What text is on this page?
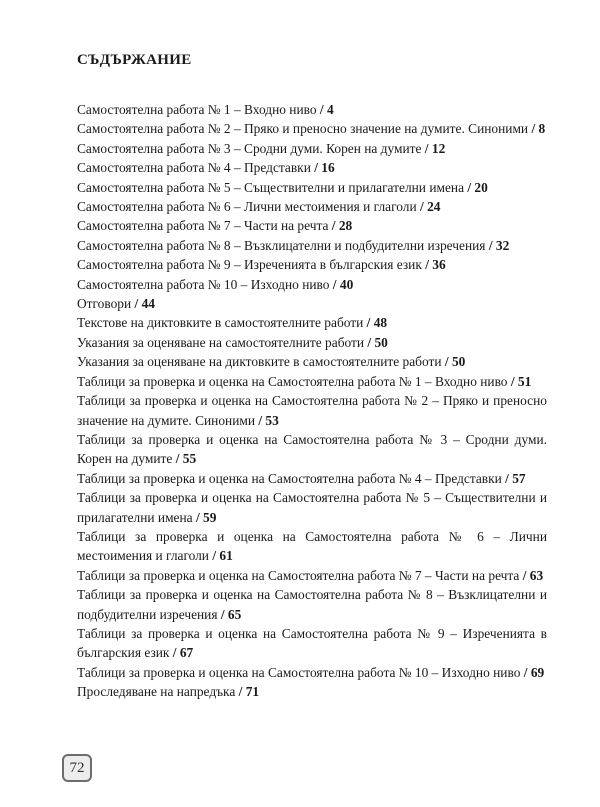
СЪДЪРЖАНИЕ

Самостоятелна работа № 1 – Входно ниво / 4

Самостоятелна работа № 2 – Пряко и преносно значение на думите. Синоними / 8

Самостоятелна работа № 3 – Сродни думи. Корен на думите / 12

Самостоятелна работа № 4 – Представки / 16

Самостоятелна работа № 5 – Съществителни и прилагателни имена / 20

Самостоятелна работа № 6 – Лични местоимения и глаголи / 24

Самостоятелна работа № 7 – Части на речта / 28

Самостоятелна работа № 8 – Възклицателни и подбудителни изречения / 32

Самостоятелна работа № 9 – Изреченията в българския език / 36

Самостоятелна работа № 10 – Изходно ниво / 40

Отговори / 44

Текстове на диктовките в самостоятелните работи / 48

Указания за оценяване на самостоятелните работи / 50

Указания за оценяване на диктовките в самостоятелните работи / 50

Таблици за проверка и оценка на Самостоятелна работа № 1 – Входно ниво / 51

Таблици за проверка и оценка на Самостоятелна работа № 2 – Пряко и преносно значение на думите. Синоними / 53

Таблици за проверка и оценка на Самостоятелна работа № 3 – Сродни думи. Корен на думите / 55

Таблици за проверка и оценка на Самостоятелна работа № 4 – Представки / 57

Таблици за проверка и оценка на Самостоятелна работа № 5 – Съществителни и прилагателни имена / 59

Таблици за проверка и оценка на Самостоятелна работа № 6 – Лични местоимения и глаголи / 61

Таблици за проверка и оценка на Самостоятелна работа № 7 – Части на речта / 63

Таблици за проверка и оценка на Самостоятелна работа № 8 – Възклицателни и подбудителни изречения / 65

Таблици за проверка и оценка на Самостоятелна работа № 9 – Изреченията в българския език / 67

Таблици за проверка и оценка на Самостоятелна работа № 10 – Изходно ниво / 69

Проследяване на напредъка / 71

72
